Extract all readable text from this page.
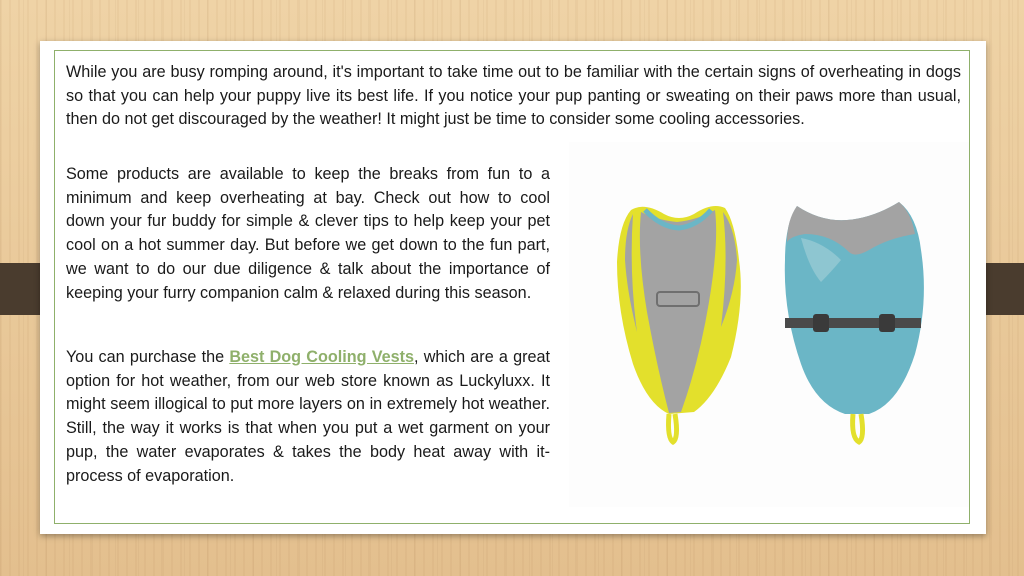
While you are busy romping around, it's important to take time out to be familiar with the certain signs of overheating in dogs so that you can help your puppy live its best life. If you notice your pup panting or sweating on their paws more than usual, then do not get discouraged by the weather! It might just be time to consider some cooling accessories.

Some products are available to keep the breaks from fun to a minimum and keep overheating at bay. Check out how to cool down your fur buddy for simple & clever tips to help keep your pet cool on a hot summer day. But before we get down to the fun part, we want to do our due diligence & talk about the importance of keeping your furry companion calm & relaxed during this season.

You can purchase the Best Dog Cooling Vests, which are a great option for hot weather, from our web store known as Luckyluxx. It might seem illogical to put more layers on in extremely hot weather. Still, the way it works is that when you put a wet garment on your pup, the water evaporates & takes the body heat away with it-process of evaporation.
